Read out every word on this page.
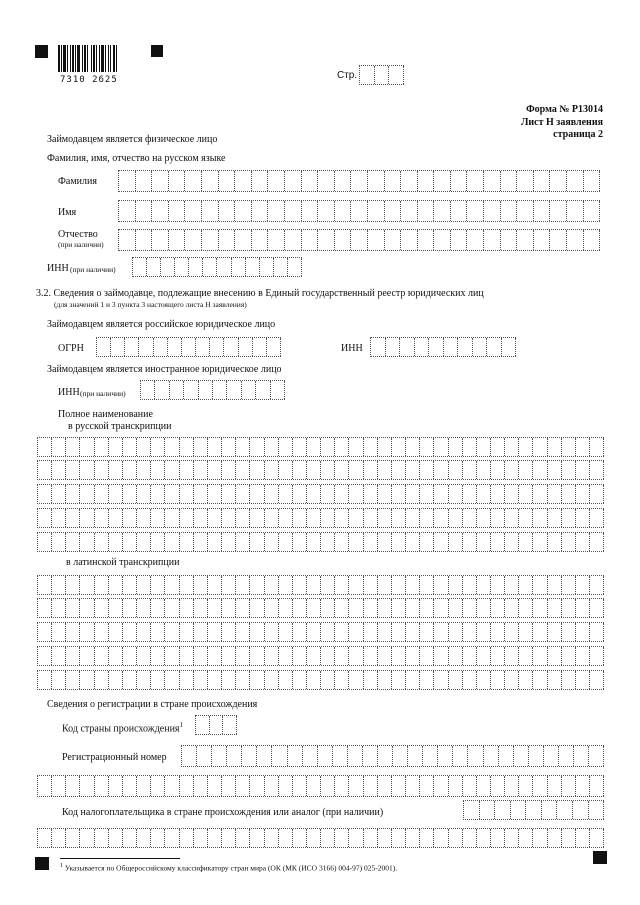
7310 2625	Стр.
Форма № Р13014
Лист Н заявления
страница 2
Займодавцем является физическое лицо
Фамилия, имя, отчество на русском языке
Фамилия
Имя
Отчество
(при наличии)
ИНН (при наличии)
3.2. Сведения о займодавце, подлежащие внесению в Единый государственный реестр юридических лиц
(для значений 1 и 3 пункта 3 настоящего листа Н заявления)
Займодавцем является российское юридическое лицо
ОГРН	ИНН
Займодавцем является иностранное юридическое лицо
ИНН (при наличии)
Полное наименование
в русской транскрипции
в латинской транскрипции
Сведения о регистрации в стране происхождения
Код страны происхождения$^1$
Регистрационный номер
Код налогоплательщика в стране происхождения или аналог (при наличии)
$^1$ Указывается по Общероссийскому классификатору стран мира (ОК (МК (ИСО 3166) 004-97) 025-2001).
